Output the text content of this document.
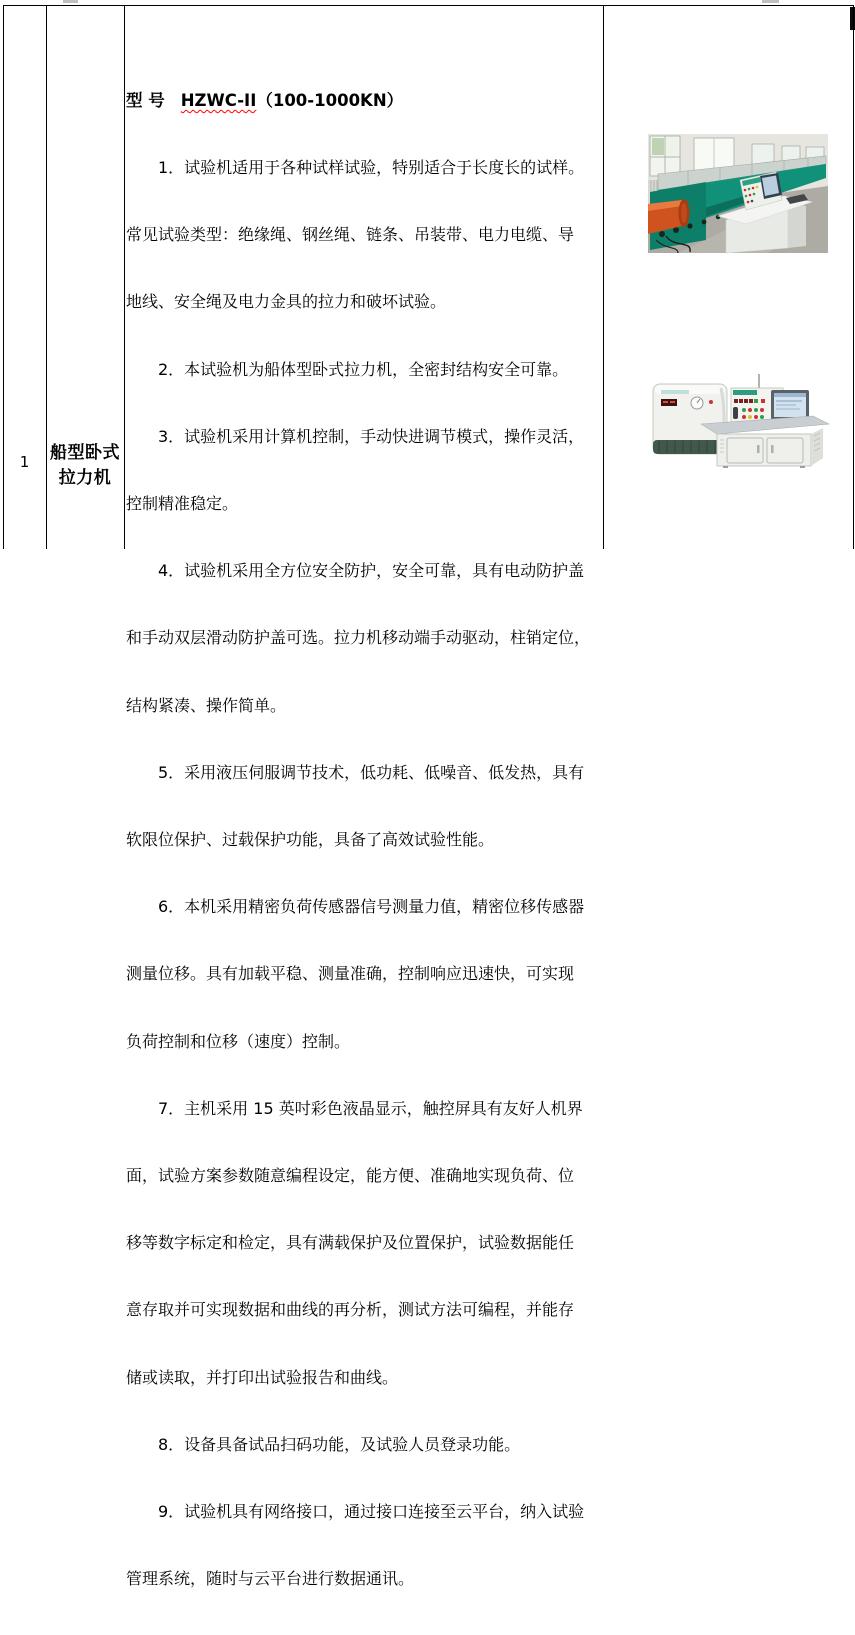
1	船型卧式
拉力机

型 号 HZWC-II（100-1000KN）

　　1．试验机适用于各种试样试验，特别适合于长度长的试样。

常见试验类型：绝缘绳、钢丝绳、链条、吊装带、电力电缆、导

地线、安全绳及电力金具的拉力和破坏试验。

　　2．本试验机为船体型卧式拉力机，全密封结构安全可靠。

　　3．试验机采用计算机控制，手动快进调节模式，操作灵活，

控制精准稳定。

　　4．试验机采用全方位安全防护，安全可靠，具有电动防护盖

和手动双层滑动防护盖可选。拉力机移动端手动驱动，柱销定位，

结构紧凑、操作简单。

　　5．采用液压伺服调节技术，低功耗、低噪音、低发热，具有

软限位保护、过载保护功能，具备了高效试验性能。

　　6．本机采用精密负荷传感器信号测量力值，精密位移传感器

测量位移。具有加载平稳、测量准确，控制响应迅速快，可实现

负荷控制和位移（速度）控制。

　　7．主机采用 15 英吋彩色液晶显示，触控屏具有友好人机界

面，试验方案参数随意编程设定，能方便、准确地实现负荷、位

移等数字标定和检定，具有满载保护及位置保护，试验数据能任

意存取并可实现数据和曲线的再分析，测试方法可编程，并能存

储或读取，并打印出试验报告和曲线。

　　8．设备具备试品扫码功能，及试验人员登录功能。

　　9．试验机具有网络接口，通过接口连接至云平台，纳入试验

管理系统，随时与云平台进行数据通讯。
